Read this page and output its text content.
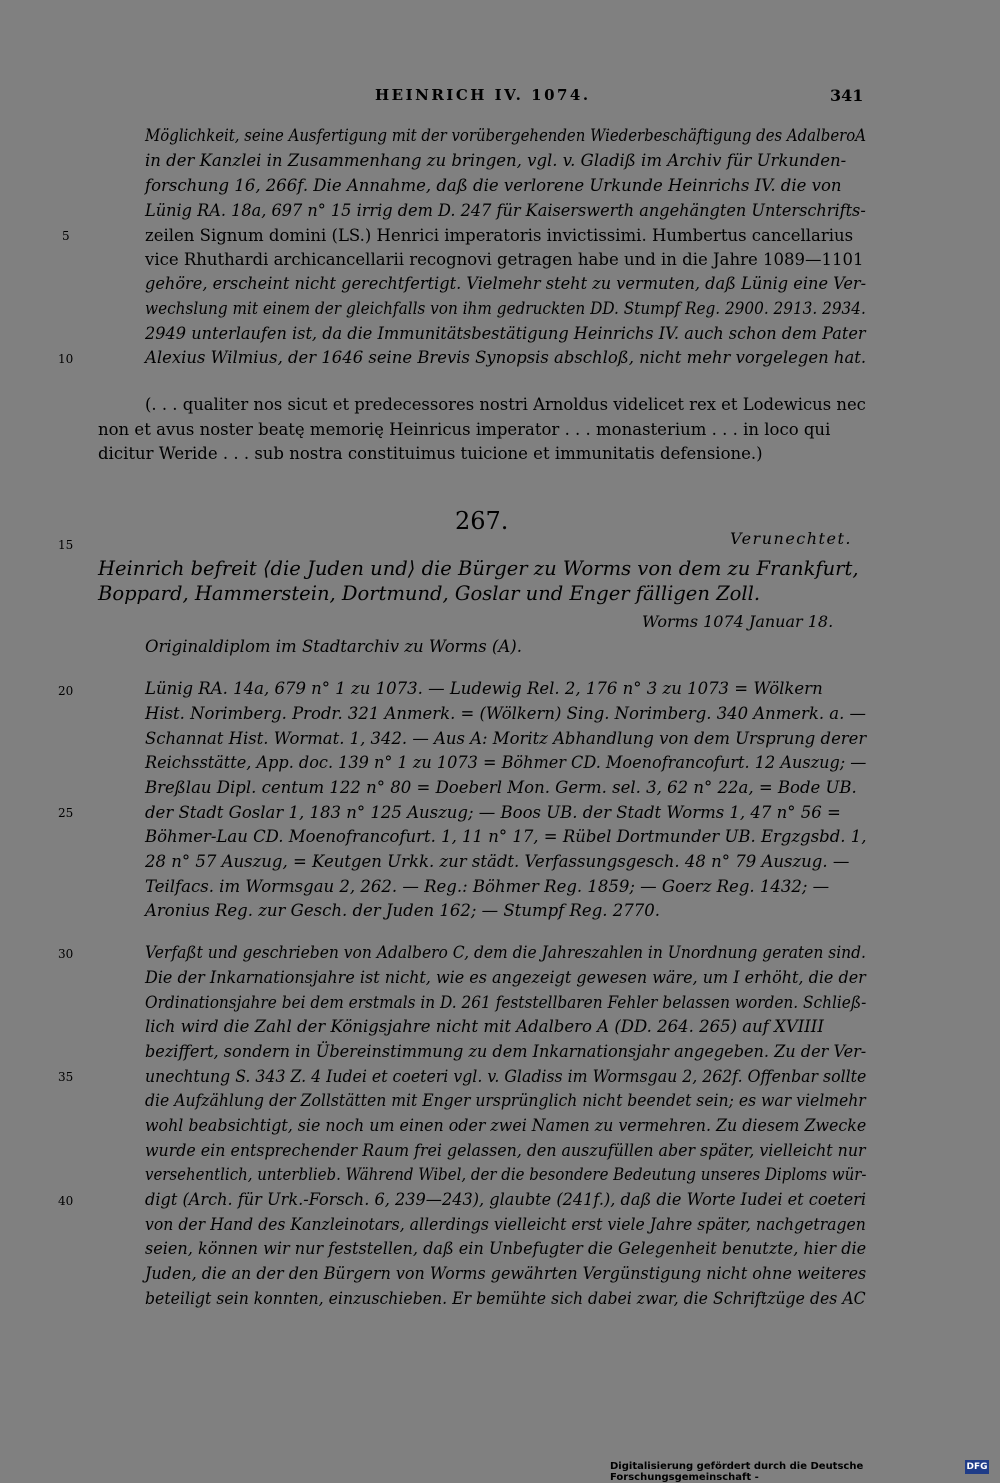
HEINRICH IV. 1074.	341
Möglichkeit, seine Ausfertigung mit der vorübergehenden Wiederbeschäftigung des AdalberoA
in der Kanzlei in Zusammenhang zu bringen, vgl. v. Gladiß im Archiv für Urkunden-
forschung 16, 266f. Die Annahme, daß die verlorene Urkunde Heinrichs IV. die von
Lünig RA. 18a, 697 n° 15 irrig dem D. 247 für Kaiserswerth angehängten Unterschrifts-
zeilen Signum domini (LS.) Henrici imperatoris invictissimi. Humbertus cancellarius
vice Rhuthardi archicancellarii recognovi getragen habe und in die Jahre 1089—1101
gehöre, erscheint nicht gerechtfertigt. Vielmehr steht zu vermuten, daß Lünig eine Ver-
wechslung mit einem der gleichfalls von ihm gedruckten DD. Stumpf Reg. 2900. 2913. 2934.
2949 unterlaufen ist, da die Immunitätsbestätigung Heinrichs IV. auch schon dem Pater
Alexius Wilmius, der 1646 seine Brevis Synopsis abschloß, nicht mehr vorgelegen hat.
5
10
(. . . qualiter nos sicut et predecessores nostri Arnoldus videlicet rex et Lodewicus nec
non et avus noster beatę memorię Heinricus imperator . . . monasterium . . . in loco qui
dicitur Weride . . . sub nostra constituimus tuicione et immunitatis defensione.)
267.
Verunechtet.
15
Heinrich befreit ⟨die Juden und⟩ die Bürger zu Worms von dem zu Frankfurt,
Boppard, Hammerstein, Dortmund, Goslar und Enger fälligen Zoll.
Worms 1074 Januar 18.
Originaldiplom im Stadtarchiv zu Worms (A).
Lünig RA. 14a, 679 n° 1 zu 1073. — Ludewig Rel. 2, 176 n° 3 zu 1073 = Wölkern
Hist. Norimberg. Prodr. 321 Anmerk. = (Wölkern) Sing. Norimberg. 340 Anmerk. a. —
Schannat Hist. Wormat. 1, 342. — Aus A: Moritz Abhandlung von dem Ursprung derer
Reichsstätte, App. doc. 139 n° 1 zu 1073 = Böhmer CD. Moenofrancofurt. 12 Auszug; —
Breßlau Dipl. centum 122 n° 80 = Doeberl Mon. Germ. sel. 3, 62 n° 22a, = Bode UB.
der Stadt Goslar 1, 183 n° 125 Auszug; — Boos UB. der Stadt Worms 1, 47 n° 56 =
Böhmer-Lau CD. Moenofrancofurt. 1, 11 n° 17, = Rübel Dortmunder UB. Ergzgsbd. 1,
28 n° 57 Auszug, = Keutgen Urkk. zur städt. Verfassungsgesch. 48 n° 79 Auszug. —
Teilfacs. im Wormsgau 2, 262. — Reg.: Böhmer Reg. 1859; — Goerz Reg. 1432; —
Aronius Reg. zur Gesch. der Juden 162; — Stumpf Reg. 2770.
20
25
Verfaßt und geschrieben von Adalbero C, dem die Jahreszahlen in Unordnung geraten sind.
Die der Inkarnationsjahre ist nicht, wie es angezeigt gewesen wäre, um I erhöht, die der
Ordinationsjahre bei dem erstmals in D. 261 feststellbaren Fehler belassen worden. Schließ-
lich wird die Zahl der Königsjahre nicht mit Adalbero A (DD. 264. 265) auf XVIIII
beziffert, sondern in Übereinstimmung zu dem Inkarnationsjahr angegeben. Zu der Ver-
unechtung S. 343 Z. 4 Iudei et coeteri vgl. v. Gladiss im Wormsgau 2, 262f. Offenbar sollte
die Aufzählung der Zollstätten mit Enger ursprünglich nicht beendet sein; es war vielmehr
wohl beabsichtigt, sie noch um einen oder zwei Namen zu vermehren. Zu diesem Zwecke
wurde ein entsprechender Raum frei gelassen, den auszufüllen aber später, vielleicht nur
versehentlich, unterblieb. Während Wibel, der die besondere Bedeutung unseres Diploms wür-
digt (Arch. für Urk.-Forsch. 6, 239—243), glaubte (241f.), daß die Worte Iudei et coeteri
von der Hand des Kanzleinotars, allerdings vielleicht erst viele Jahre später, nachgetragen
seien, können wir nur feststellen, daß ein Unbefugter die Gelegenheit benutzte, hier die
Juden, die an der den Bürgern von Worms gewährten Vergünstigung nicht ohne weiteres
beteiligt sein konnten, einzuschieben. Er bemühte sich dabei zwar, die Schriftzüge des AC
30
35
40
Digitalisierung gefördert durch die Deutsche Forschungsgemeinschaft -
DFG
